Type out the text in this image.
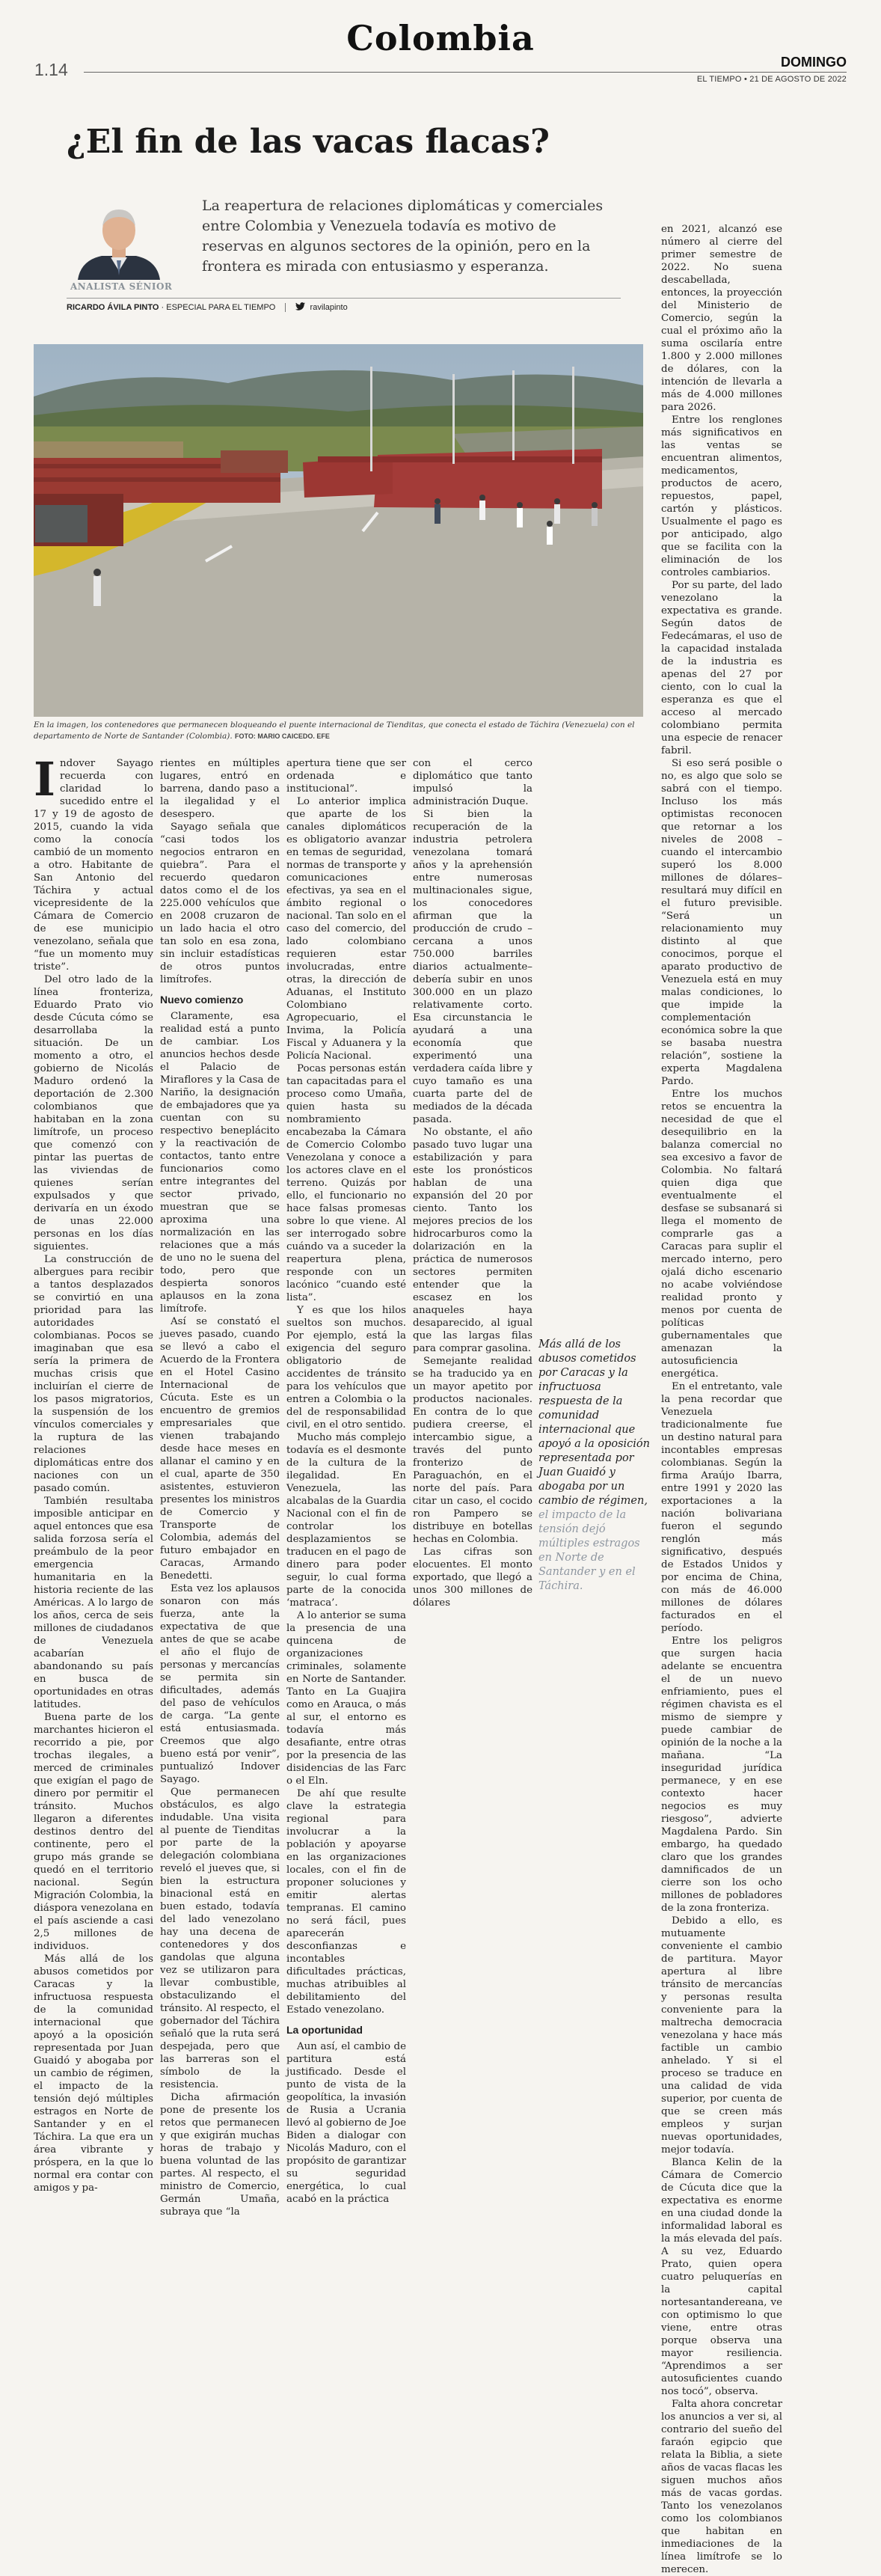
Colombia
1.14	DOMINGO
EL TIEMPO • 21 DE AGOSTO DE 2022
¿El fin de las vacas flacas?
ANALISTA SÉNIOR

La reapertura de relaciones diplomáticas y comerciales entre Colombia y Venezuela todavía es motivo de reservas en algunos sectores de la opinión, pero en la frontera es mirada con entusiasmo y esperanza.

RICARDO ÁVILA PINTO · ESPECIAL PARA EL TIEMPO	ravilapinto

En la imagen, los contenedores que permanecen bloqueando el puente internacional de Tienditas, que conecta el estado de Táchira (Venezuela) con el departamento de Norte de Santander (Colombia). FOTO: MARIO CAICEDO. EFE

Indover Sayago recuerda con claridad lo sucedido entre el 17 y 19 de agosto de 2015, cuando la vida como la conocía cambió de un momento a otro. Habitante de San Antonio del Táchira y actual vicepresidente de la Cámara de Comercio de ese municipio venezolano, señala que “fue un momento muy triste”.

Del otro lado de la línea fronteriza, Eduardo Prato vio desde Cúcuta cómo se desarrollaba la situación. De un momento a otro, el gobierno de Nicolás Maduro ordenó la deportación de 2.300 colombianos que habitaban en la zona limítrofe, un proceso que comenzó con pintar las puertas de las viviendas de quienes serían expulsados y que derivaría en un éxodo de unas 22.000 personas en los días siguientes.

La construcción de albergues para recibir a tantos desplazados se convirtió en una prioridad para las autoridades colombianas. Pocos se imaginaban que esa sería la primera de muchas crisis que incluirían el cierre de los pasos migratorios, la suspensión de los vínculos comerciales y la ruptura de las relaciones diplomáticas entre dos naciones con un pasado común.

También resultaba imposible anticipar en aquel entonces que esa salida forzosa sería el preámbulo de la peor emergencia humanitaria en la historia reciente de las Américas. A lo largo de los años, cerca de seis millones de ciudadanos de Venezuela acabarían abandonando su país en busca de oportunidades en otras latitudes.

Buena parte de los marchantes hicieron el recorrido a pie, por trochas ilegales, a merced de criminales que exigían el pago de dinero por permitir el tránsito. Muchos llegaron a diferentes destinos dentro del continente, pero el grupo más grande se quedó en el territorio nacional. Según Migración Colombia, la diáspora venezolana en el país asciende a casi 2,5 millones de individuos.

Más allá de los abusos cometidos por Caracas y la infructuosa respuesta de la comunidad internacional que apoyó a la oposición representada por Juan Guaidó y abogaba por un cambio de régimen, el impacto de la tensión dejó múltiples estragos en Norte de Santander y en el Táchira. La que era un área vibrante y próspera, en la que lo normal era contar con amigos y pa-

rientes en múltiples lugares, entró en barrena, dando paso a la ilegalidad y el desespero.

Sayago señala que “casi todos los negocios entraron en quiebra”. Para el recuerdo quedaron datos como el de los 225.000 vehículos que en 2008 cruzaron de un lado hacia el otro tan solo en esa zona, sin incluir estadísticas de otros puntos limítrofes.

Nuevo comienzo

Claramente, esa realidad está a punto de cambiar. Los anuncios hechos desde el Palacio de Miraflores y la Casa de Nariño, la designación de embajadores que ya cuentan con su respectivo beneplácito y la reactivación de contactos, tanto entre funcionarios como entre integrantes del sector privado, muestran que se aproxima una normalización en las relaciones que a más de uno no le suena del todo, pero que despierta sonoros aplausos en la zona limítrofe.

Así se constató el jueves pasado, cuando se llevó a cabo el Acuerdo de la Frontera en el Hotel Casino Internacional de Cúcuta. Este es un encuentro de gremios empresariales que vienen trabajando desde hace meses en allanar el camino y en el cual, aparte de 350 asistentes, estuvieron presentes los ministros de Comercio y Transporte de Colombia, además del futuro embajador en Caracas, Armando Benedetti.

Esta vez los aplausos sonaron con más fuerza, ante la expectativa de que antes de que se acabe el año el flujo de personas y mercancías se permita sin dificultades, además del paso de vehículos de carga. “La gente está entusiasmada. Creemos que algo bueno está por venir”, puntualizó Indover Sayago.

Que permanecen obstáculos, es algo indudable. Una visita al puente de Tienditas por parte de la delegación colombiana reveló el jueves que, si bien la estructura binacional está en buen estado, todavía del lado venezolano hay una decena de contenedores y dos gandolas que alguna vez se utilizaron para llevar combustible, obstaculizando el tránsito. Al respecto, el gobernador del Táchira señaló que la ruta será despejada, pero que las barreras son el símbolo de la resistencia.

Dicha afirmación pone de presente los retos que permanecen y que exigirán muchas horas de trabajo y buena voluntad de las partes. Al respecto, el ministro de Comercio, Germán Umaña, subraya que “la

apertura tiene que ser ordenada e institucional”.

Lo anterior implica que aparte de los canales diplomáticos es obligatorio avanzar en temas de seguridad, normas de transporte y comunicaciones efectivas, ya sea en el ámbito regional o nacional. Tan solo en el caso del comercio, del lado colombiano requieren estar involucradas, entre otras, la dirección de Aduanas, el Instituto Colombiano Agropecuario, el Invima, la Policía Fiscal y Aduanera y la Policía Nacional.

Pocas personas están tan capacitadas para el proceso como Umaña, quien hasta su nombramiento encabezaba la Cámara de Comercio Colombo Venezolana y conoce a los actores clave en el terreno. Quizás por ello, el funcionario no hace falsas promesas sobre lo que viene. Al ser interrogado sobre cuándo va a suceder la reapertura plena, responde con un lacónico “cuando esté lista”.

Y es que los hilos sueltos son muchos. Por ejemplo, está la exigencia del seguro obligatorio de accidentes de tránsito para los vehículos que entren a Colombia o la del de responsabilidad civil, en el otro sentido.

Mucho más complejo todavía es el desmonte de la cultura de la ilegalidad. En Venezuela, las alcabalas de la Guardia Nacional con el fin de controlar los desplazamientos se traducen en el pago de dinero para poder seguir, lo cual forma parte de la conocida ‘matraca’.

A lo anterior se suma la presencia de una quincena de organizaciones criminales, solamente en Norte de Santander. Tanto en La Guajira como en Arauca, o más al sur, el entorno es todavía más desafiante, entre otras por la presencia de las disidencias de las Farc o el Eln.

De ahí que resulte clave la estrategia regional para involucrar a la población y apoyarse en las organizaciones locales, con el fin de proponer soluciones y emitir alertas tempranas. El camino no será fácil, pues aparecerán desconfianzas e incontables dificultades prácticas, muchas atribuibles al debilitamiento del Estado venezolano.

La oportunidad

Aun así, el cambio de partitura está justificado. Desde el punto de vista de la geopolítica, la invasión de Rusia a Ucrania llevó al gobierno de Joe Biden a dialogar con Nicolás Maduro, con el propósito de garantizar su seguridad energética, lo cual acabó en la práctica

con el cerco diplomático que tanto impulsó la administración Duque.

Si bien la recuperación de la industria petrolera venezolana tomará años y la aprehensión entre numerosas multinacionales sigue, los conocedores afirman que la producción de crudo –cercana a unos 750.000 barriles diarios actualmente– debería subir en unos 300.000 en un plazo relativamente corto. Esa circunstancia le ayudará a una economía que experimentó una verdadera caída libre y cuyo tamaño es una cuarta parte del de mediados de la década pasada.

No obstante, el año pasado tuvo lugar una estabilización y para este los pronósticos hablan de una expansión del 20 por ciento. Tanto los mejores precios de los hidrocarburos como la dolarización en la práctica de numerosos sectores permiten entender que la escasez en los anaqueles haya desaparecido, al igual que las largas filas para comprar gasolina.

Semejante realidad se ha traducido ya en un mayor apetito por productos nacionales. En contra de lo que pudiera creerse, el intercambio sigue, a través del punto fronterizo de Paraguachón, en el norte del país. Para citar un caso, el cocido ron Pampero se distribuye en botellas hechas en Colombia.

Las cifras son elocuentes. El monto exportado, que llegó a unos 300 millones de dólares

Más allá de los abusos cometidos por Caracas y la infructuosa respuesta de la comunidad internacional que apoyó a la oposición representada por Juan Guaidó y abogaba por un cambio de régimen, el impacto de la tensión dejó múltiples estragos en Norte de Santander y en el Táchira.

en 2021, alcanzó ese número al cierre del primer semestre de 2022. No suena descabellada, entonces, la proyección del Ministerio de Comercio, según la cual el próximo año la suma oscilaría entre 1.800 y 2.000 millones de dólares, con la intención de llevarla a más de 4.000 millones para 2026.

Entre los renglones más significativos en las ventas se encuentran alimentos, medicamentos, productos de acero, repuestos, papel, cartón y plásticos. Usualmente el pago es por anticipado, algo que se facilita con la eliminación de los controles cambiarios.

Por su parte, del lado venezolano la expectativa es grande. Según datos de Fedecámaras, el uso de la capacidad instalada de la industria es apenas del 27 por ciento, con lo cual la esperanza es que el acceso al mercado colombiano permita una especie de renacer fabril.

Si eso será posible o no, es algo que solo se sabrá con el tiempo. Incluso los más optimistas reconocen que retornar a los niveles de 2008 –cuando el intercambio superó los 8.000 millones de dólares– resultará muy difícil en el futuro previsible. “Será un relacionamiento muy distinto al que conocimos, porque el aparato productivo de Venezuela está en muy malas condiciones, lo que impide la complementación económica sobre la que se basaba nuestra relación”, sostiene la experta Magdalena Pardo.

Entre los muchos retos se encuentra la necesidad de que el desequilibrio en la balanza comercial no sea excesivo a favor de Colombia. No faltará quien diga que eventualmente el desfase se subsanará si llega el momento de comprarle gas a Caracas para suplir el mercado interno, pero ojalá dicho escenario no acabe volviéndose realidad pronto y menos por cuenta de políticas gubernamentales que amenazan la autosuficiencia energética.

En el entretanto, vale la pena recordar que Venezuela tradicionalmente fue un destino natural para incontables empresas colombianas. Según la firma Araújo Ibarra, entre 1991 y 2020 las exportaciones a la nación bolivariana fueron el segundo renglón más significativo, después de Estados Unidos y por encima de China, con más de 46.000 millones de dólares facturados en el período.

Entre los peligros que surgen hacia adelante se encuentra el de un nuevo enfriamiento, pues el régimen chavista es el mismo de siempre y puede cambiar de opinión de la noche a la mañana. “La inseguridad jurídica permanece, y en ese contexto hacer negocios es muy riesgoso”, advierte Magdalena Pardo. Sin embargo, ha quedado claro que los grandes damnificados de un cierre son los ocho millones de pobladores de la zona fronteriza.

Debido a ello, es mutuamente conveniente el cambio de partitura. Mayor apertura al libre tránsito de mercancías y personas resulta conveniente para la maltrecha democracia venezolana y hace más factible un cambio anhelado. Y si el proceso se traduce en una calidad de vida superior, por cuenta de que se creen más empleos y surjan nuevas oportunidades, mejor todavía.

Blanca Kelin de la Cámara de Comercio de Cúcuta dice que la expectativa es enorme en una ciudad donde la informalidad laboral es la más elevada del país. A su vez, Eduardo Prato, quien opera cuatro peluquerías en la capital nortesantandereana, ve con optimismo lo que viene, entre otras porque observa una mayor resiliencia. “Aprendimos a ser autosuficientes cuando nos tocó”, observa.

Falta ahora concretar los anuncios a ver si, al contrario del sueño del faraón egipcio que relata la Biblia, a siete años de vacas flacas les siguen muchos años más de vacas gordas. Tanto los venezolanos como los colombianos que habitan en inmediaciones de la línea limítrofe se lo merecen.
